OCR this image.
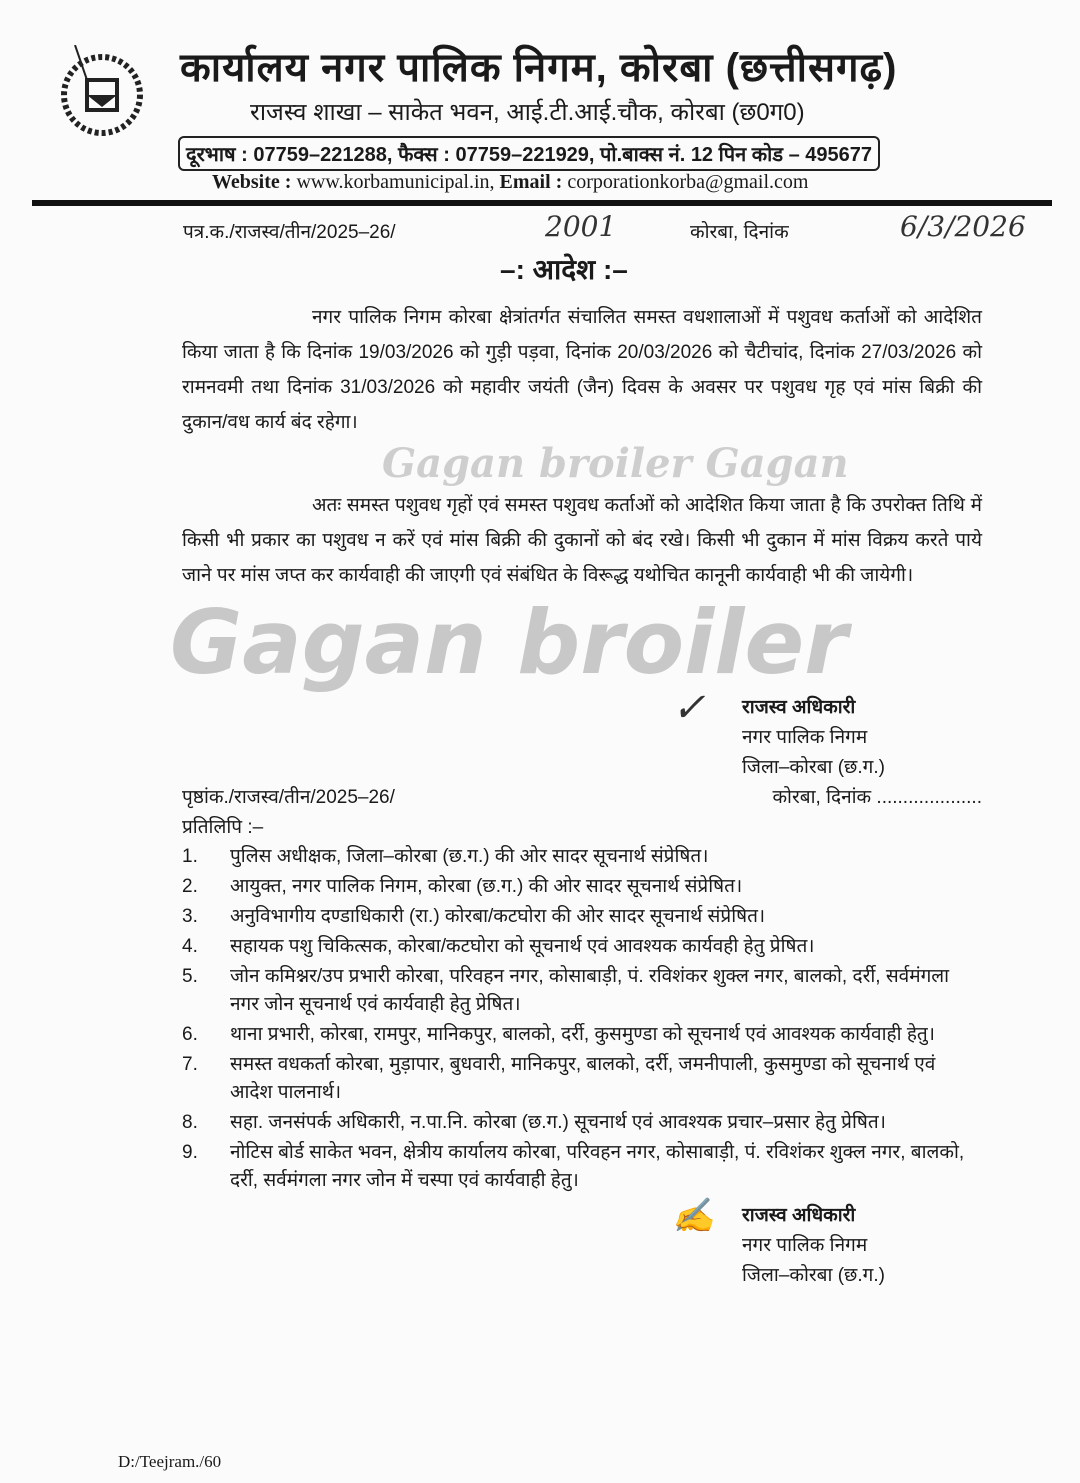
कार्यालय नगर पालिक निगम, कोरबा (छत्तीसगढ़)
राजस्व शाखा – साकेत भवन, आई.टी.आई.चौक, कोरबा (छ0ग0)
दूरभाष : 07759–221288, फैक्स : 07759–221929, पो.बाक्स नं. 12 पिन कोड – 495677
Website : www.korbamunicipal.in, Email : corporationkorba@gmail.com
पत्र.क./राजस्व/तीन/2025–26/	2001	कोरबा, दिनांक	6/3/2026
–: आदेश :–
नगर पालिक निगम कोरबा क्षेत्रांतर्गत संचालित समस्त वधशालाओं में पशुवध कर्ताओं को आदेशित किया जाता है कि दिनांक 19/03/2026 को गुड़ी पड़वा, दिनांक 20/03/2026 को चैटीचांद, दिनांक 27/03/2026 को रामनवमी तथा दिनांक 31/03/2026 को महावीर जयंती (जैन) दिवस के अवसर पर पशुवध गृह एवं मांस बिक्री की दुकान/वध कार्य बंद रहेगा।
Gagan broiler Gagan
अतः समस्त पशुवध गृहों एवं समस्त पशुवध कर्ताओं को आदेशित किया जाता है कि उपरोक्त तिथि में किसी भी प्रकार का पशुवध न करें एवं मांस बिक्री की दुकानों को बंद रखे। किसी भी दुकान में मांस विक्रय करते पाये जाने पर मांस जप्त कर कार्यवाही की जाएगी एवं संबंधित के विरूद्ध यथोचित कानूनी कार्यवाही भी की जायेगी।
Gagan broiler
✓ राजस्व अधिकारी
नगर पालिक निगम
जिला–कोरबा (छ.ग.)
पृष्ठांक./राजस्व/तीन/2025–26/	कोरबा, दिनांक ....................
प्रतिलिपि :–
1.	पुलिस अधीक्षक, जिला–कोरबा (छ.ग.) की ओर सादर सूचनार्थ संप्रेषित।
2.	आयुक्त, नगर पालिक निगम, कोरबा (छ.ग.) की ओर सादर सूचनार्थ संप्रेषित।
3.	अनुविभागीय दण्डाधिकारी (रा.) कोरबा/कटघोरा की ओर सादर सूचनार्थ संप्रेषित।
4.	सहायक पशु चिकित्सक, कोरबा/कटघोरा को सूचनार्थ एवं आवश्यक कार्यवही हेतु प्रेषित।
5.	जोन कमिश्नर/उप प्रभारी कोरबा, परिवहन नगर, कोसाबाड़ी, पं. रविशंकर शुक्ल नगर, बालको, दर्री, सर्वमंगला नगर जोन सूचनार्थ एवं कार्यवाही हेतु प्रेषित।
6.	थाना प्रभारी, कोरबा, रामपुर, मानिकपुर, बालको, दर्री, कुसमुण्डा को सूचनार्थ एवं आवश्यक कार्यवाही हेतु।
7.	समस्त वधकर्ता कोरबा, मुड़ापार, बुधवारी, मानिकपुर, बालको, दर्री, जमनीपाली, कुसमुण्डा को सूचनार्थ एवं आदेश पालनार्थ।
8.	सहा. जनसंपर्क अधिकारी, न.पा.नि. कोरबा (छ.ग.) सूचनार्थ एवं आवश्यक प्रचार–प्रसार हेतु प्रेषित।
9.	नोटिस बोर्ड साकेत भवन, क्षेत्रीय कार्यालय कोरबा, परिवहन नगर, कोसाबाड़ी, पं. रविशंकर शुक्ल नगर, बालको, दर्री, सर्वमंगला नगर जोन में चस्पा एवं कार्यवाही हेतु।
✍ राजस्व अधिकारी
नगर पालिक निगम
जिला–कोरबा (छ.ग.)
D:/Teejram./60
